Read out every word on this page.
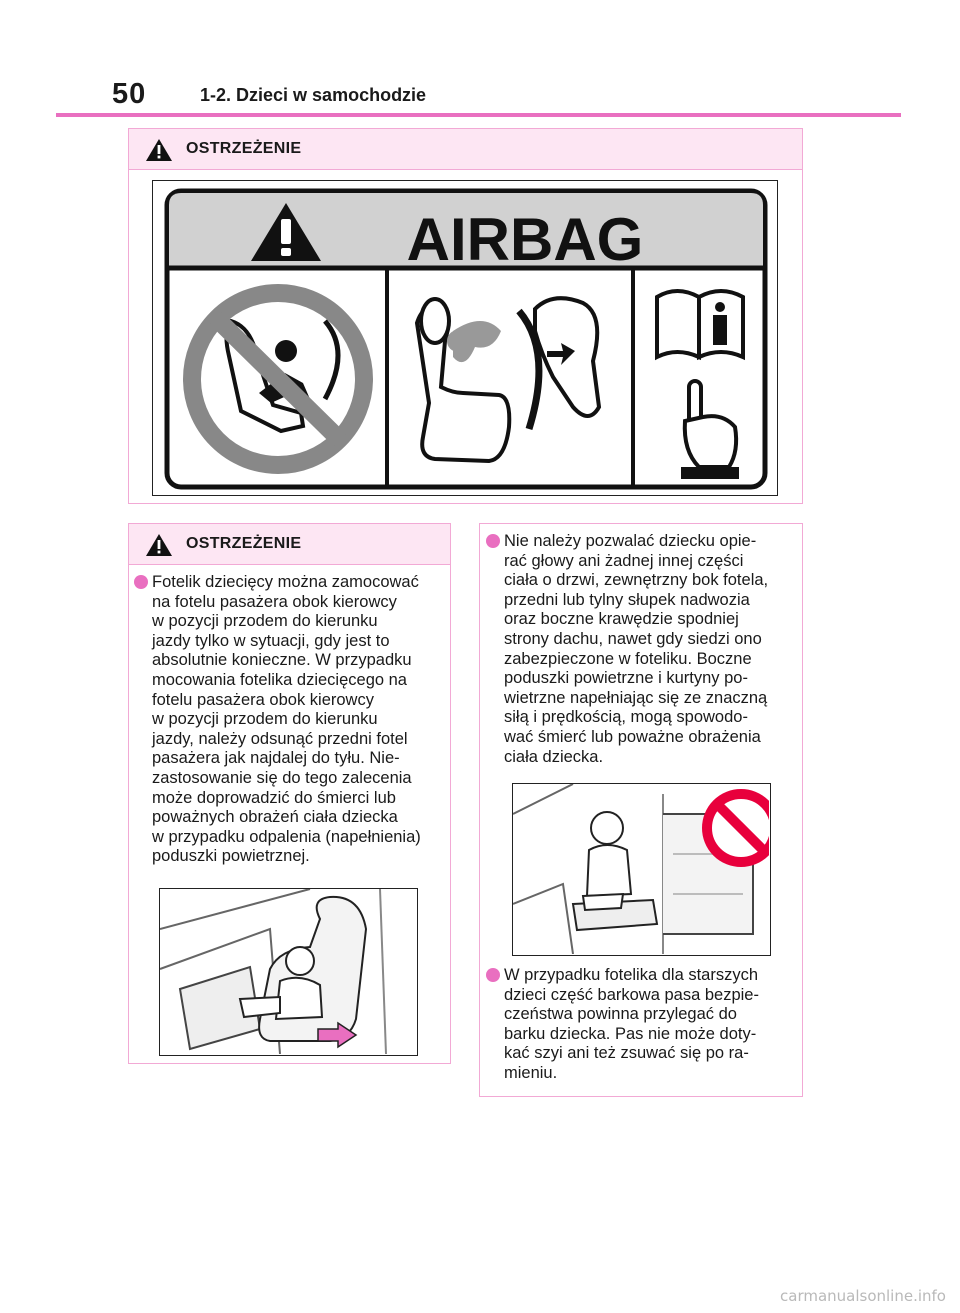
50	1-2. Dzieci w samochodzie
OSTRZEŻENIE
AIRBAG
OSTRZEŻENIE
Fotelik dziecięcy można zamocować
na fotelu pasażera obok kierowcy
w pozycji przodem do kierunku
jazdy tylko w sytuacji, gdy jest to
absolutnie konieczne. W przypadku
mocowania fotelika dziecięcego na
fotelu pasażera obok kierowcy
w pozycji przodem do kierunku
jazdy, należy odsunąć przedni fotel
pasażera jak najdalej do tyłu. Nie-
zastosowanie się do tego zalecenia
może doprowadzić do śmierci lub
poważnych obrażeń ciała dziecka
w przypadku odpalenia (napełnienia)
poduszki powietrznej.
Nie należy pozwalać dziecku opie-
rać głowy ani żadnej innej części
ciała o drzwi, zewnętrzny bok fotela,
przedni lub tylny słupek nadwozia
oraz boczne krawędzie spodniej
strony dachu, nawet gdy siedzi ono
zabezpieczone w foteliku. Boczne
poduszki powietrzne i kurtyny po-
wietrzne napełniając się ze znaczną
siłą i prędkością, mogą spowodo-
wać śmierć lub poważne obrażenia
ciała dziecka.
W przypadku fotelika dla starszych
dzieci część barkowa pasa bezpie-
czeństwa powinna przylegać do
barku dziecka. Pas nie może doty-
kać szyi ani też zsuwać się po ra-
mieniu.
carmanualsonline.info
